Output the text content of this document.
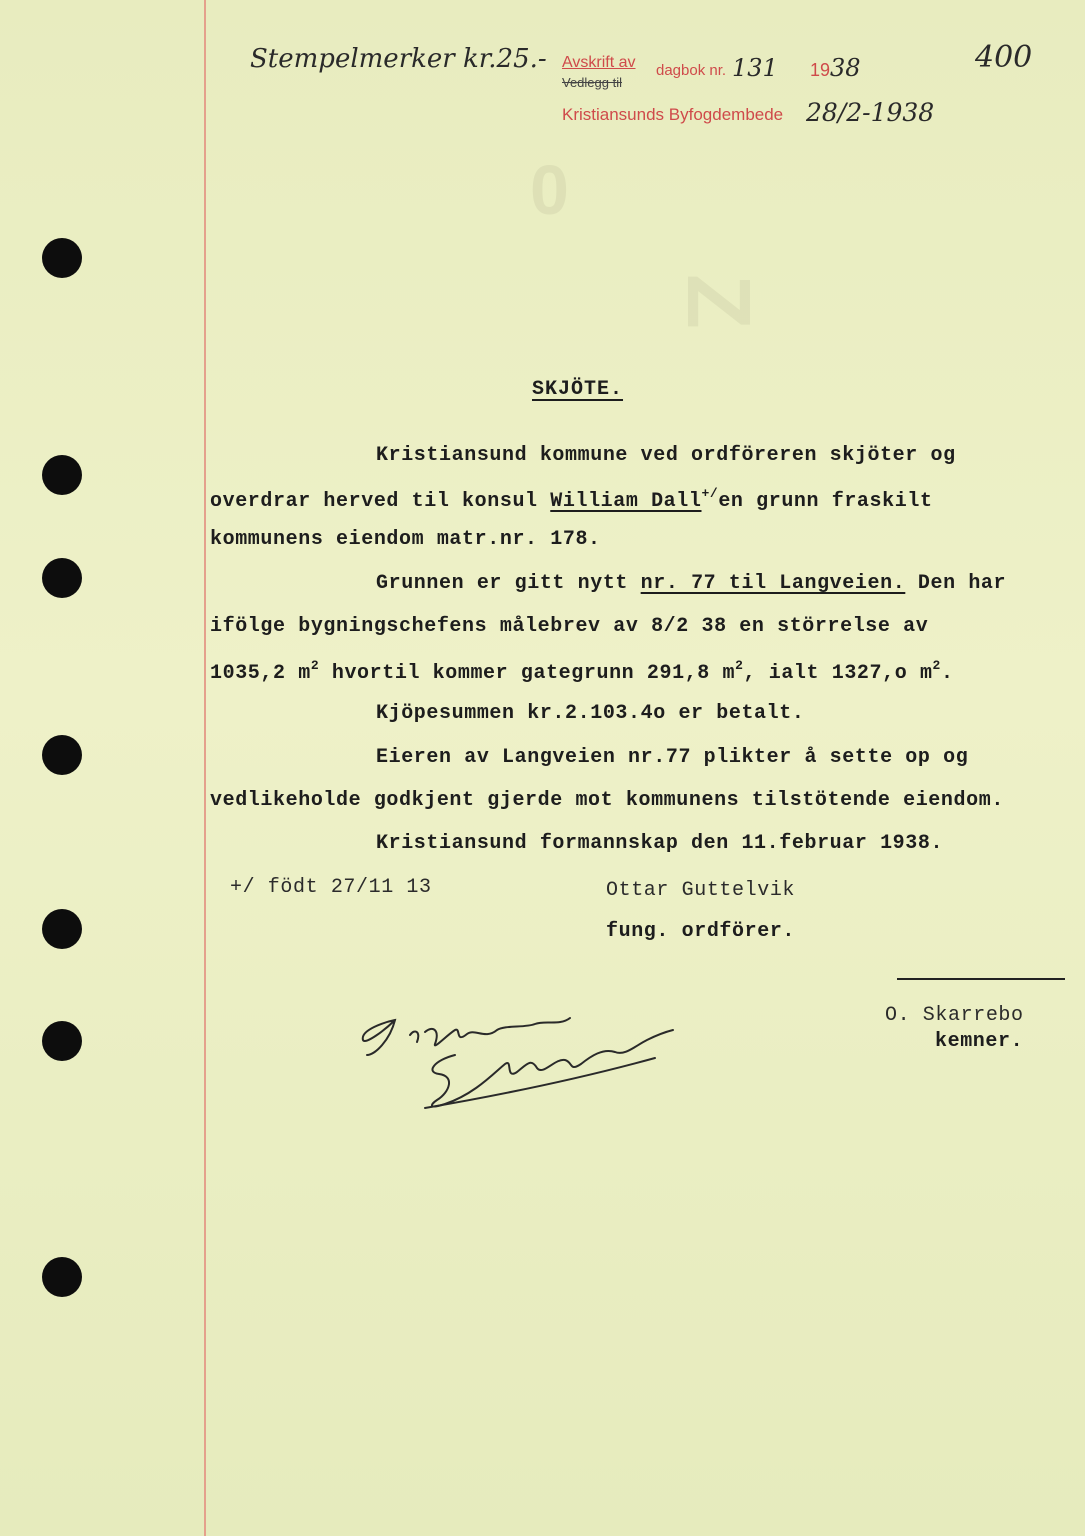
0
Z
Stempelmerker kr.25.-	400
Avskrift av
Vedlegg til
dagbok nr. 131 19 38
Kristiansunds Byfogdembede 28/2-1938
SKJÖTE.
Kristiansund kommune ved ordföreren skjöter og
overdrar herved til konsul William Dall+/en grunn fraskilt
kommunens eiendom matr.nr. 178.
Grunnen er gitt nytt nr. 77 til Langveien. Den har
ifölge bygningschefens målebrev av 8/2 38 en störrelse av
1035,2 $m^2$ hvortil kommer gategrunn 291,8 $m^2$, ialt 1327,o $m^2$.
Kjöpesummen kr.2.103.4o er betalt.
Eieren av Langveien nr.77 plikter å sette op og
vedlikeholde godkjent gjerde mot kommunens tilstötende eiendom.
Kristiansund formannskap den 11.februar 1938.
+/ födt 27/11 13	Ottar Guttelvik
fung. ordförer.
O. Skarrebo
kemner.
